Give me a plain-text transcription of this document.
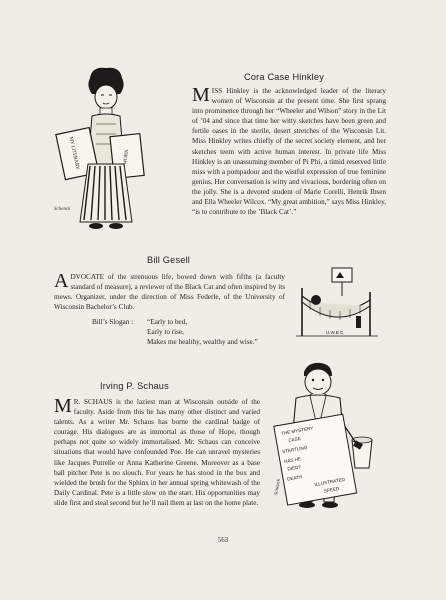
MY LITERARY	WORK
Schenck
Cora Case Hinkley

MISS Hinkley is the acknowledged leader of the literary women of Wisconsin at the present time. She first sprang into prominence through her “Wheeler and Wilson” story in the Lit of ’04 and since that time her witty sketches have been green and fertile oases in the sterile, desert stretches of the Wisconsin Lit. Miss Hinkley writes chiefly of the secret society element, and her sketches teem with active human interest. In private life Miss Hinkley is an unassuming member of Pi Phi, a timid reserved little miss with a pompadour and the wistful expression of true feminine genius. Her conversation is witty and vivacious, bordering often on the jolly. She is a devoted student of Marie Corelli, Henrik Ibsen and Ella Wheeler Wilcox. “My great ambition,” says Miss Hinkley, “is to contribute to the ’Black Cat’.”

Bill Gesell

ADVOCATE of the strenuous life, bowed down with fifths (a faculty standard of measure), a reviewer of the Black Cat and often inspired by its mews. Organizer, under the direction of Miss Federle, of the University of Wisconsin Bachelor’s Club.

Bill’s Slogan :	“Early to bed,
Early to rise,
Makes me healthy, wealthy and wise.”
U.W.B.C.
Irving P. Schaus

M R. SCHAUS is the laziest man at Wisconsin outside of the faculty. Aside from this he has many other distinct and varied talents. As a writer Mr. Schaus has borne the cardinal badge of courage. His dialogues are as immortal as those of Hope, though perhaps not quite so widely immortalised. Mr. Schaus can conceive situations that would have confounded Poe. He can unravel mysteries like Jacques Putrelle or Anna Katherine Greene. Moreover as a base ball pitcher Pete is no slouch. For years he has stood in the box and wielded the brush for the Sphinx in her annual spring whitewash of the Daily Cardinal. Pete is a little slow on the start. His opportunities may slide first and steal second but he’ll nail them at last on the home plate.

THE MYSTERY
CASE
STARTLING
HAS HE
DIED?
DEATH ILLUSTRATED
SPEED
Schenck
563
